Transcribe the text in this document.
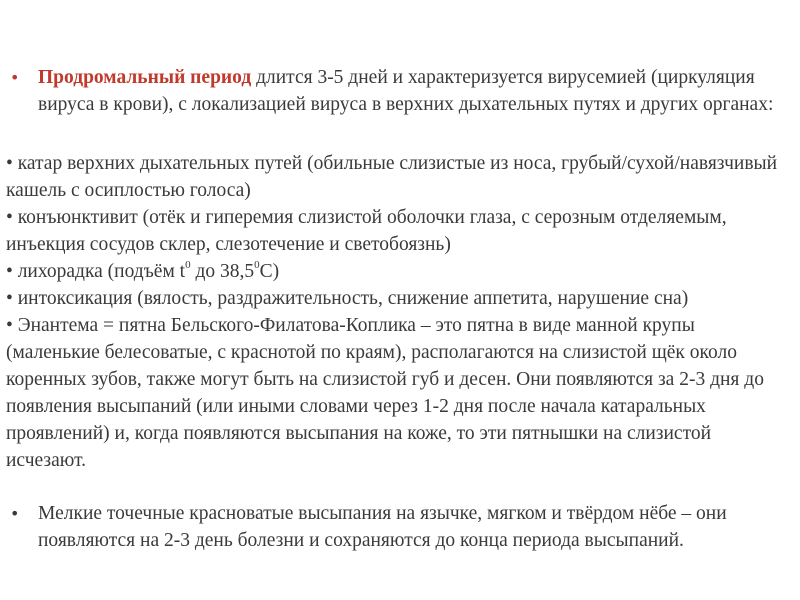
• Продромальный период длится 3-5 дней и характеризуется вирусемией (циркуляция вируса в крови), с локализацией вируса в верхних дыхательных путях и других органах:
• катар верхних дыхательных путей (обильные слизистые из носа, грубый/сухой/навязчивый кашель с осиплостью голоса)
• конъюнктивит (отёк и гиперемия слизистой оболочки глаза, с серозным отделяемым, инъекция сосудов склер, слезотечение и светобоязнь)
• лихорадка (подъём $t^0$ до 38,5$^0$С)
• интоксикация (вялость, раздражительность, снижение аппетита, нарушение сна)
• Энантема = пятна Бельского-Филатова-Коплика – это пятна в виде манной крупы (маленькие белесоватые, с краснотой по краям), располагаются на слизистой щёк около коренных зубов, также могут быть на слизистой губ и десен. Они появляются за 2-3 дня до появления высыпаний (или иными словами через 1-2 дня после начала катаральных проявлений) и, когда появляются высыпания на коже, то эти пятнышки на слизистой исчезают.
• Мелкие точечные красноватые высыпания на язычке, мягком и твёрдом нёбе – они появляются на 2-3 день болезни и сохраняются до конца периода высыпаний.
